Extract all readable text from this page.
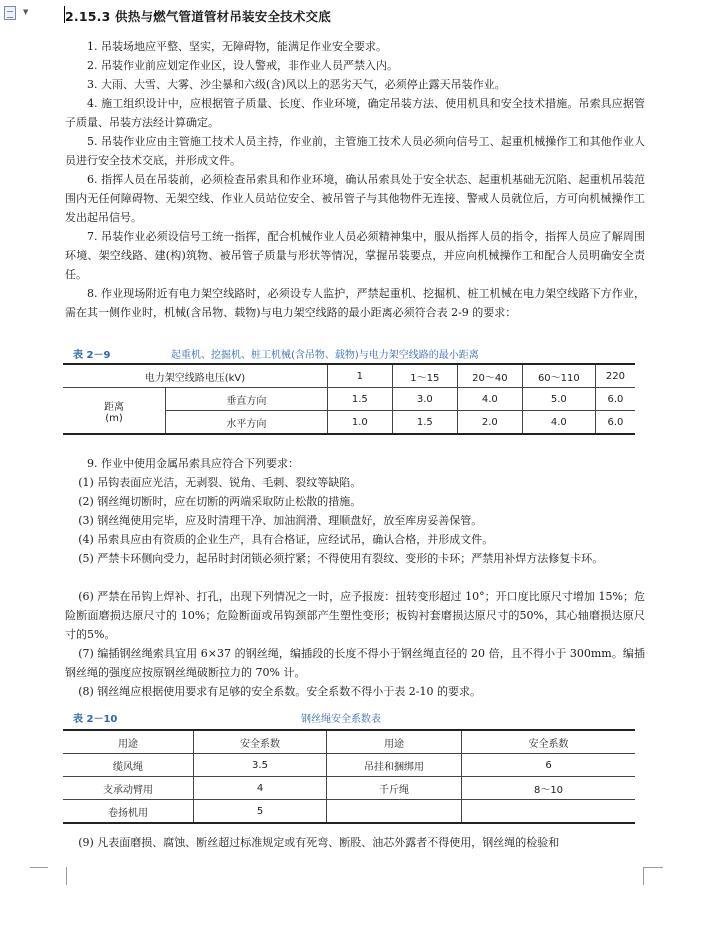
▼	2.15.3 供热与燃气管道管材吊装安全技术交底
1. 吊装场地应平整、坚实，无障碍物，能满足作业安全要求。
2. 吊装作业前应划定作业区，设人警戒，非作业人员严禁入内。
3. 大雨、大雪、大雾、沙尘暴和六级(含)风以上的恶劣天气，必须停止露天吊装作业。
4. 施工组织设计中，应根据管子质量、长度、作业环境，确定吊装方法、使用机具和安全技术措施。吊索具应据管子质量、吊装方法经计算确定。
5. 吊装作业应由主管施工技术人员主持，作业前，主管施工技术人员必须向信号工、起重机械操作工和其他作业人员进行安全技术交底，并形成文件。
6. 指挥人员在吊装前，必须检查吊索具和作业环境，确认吊索具处于安全状态、起重机基础无沉陷、起重机吊装范围内无任何障碍物、无架空线、作业人员站位安全、被吊管子与其他物件无连接、警戒人员就位后，方可向机械操作工发出起吊信号。
7. 吊装作业必须设信号工统一指挥，配合机械作业人员必须精神集中，服从指挥人员的指令，指挥人员应了解周围环境、架空线路、建(构)筑物、被吊管子质量与形状等情况，掌握吊装要点，并应向机械操作工和配合人员明确安全责任。
8. 作业现场附近有电力架空线路时，必须设专人监护，严禁起重机、挖掘机、桩工机械在电力架空线路下方作业，需在其一侧作业时，机械(含吊物、载物)与电力架空线路的最小距离必须符合表 2-9 的要求：
表 2－9	起重机、挖掘机、桩工机械(含吊物、载物)与电力架空线路的最小距离
电力架空线路电压(kV)		1	1～15	20～40	60～110	220

距离
(m)	垂直方向	1.5	3.0	4.0	5.0	6.0
	水平方向	1.0	1.5	2.0	4.0	6.0
9. 作业中使用金属吊索具应符合下列要求：
(1) 吊钩表面应光洁，无剥裂、锐角、毛刺、裂纹等缺陷。
(2) 钢丝绳切断时，应在切断的两端采取防止松散的措施。
(3) 钢丝绳使用完毕，应及时清理干净、加油润滑、理顺盘好，放至库房妥善保管。
(4) 吊索具应由有资质的企业生产，具有合格证，应经试吊，确认合格，并形成文件。
(5) 严禁卡环侧向受力，起吊时封闭锁必须拧紧；不得使用有裂纹、变形的卡环；严禁用补焊方法修复卡环。
(6) 严禁在吊钩上焊补、打孔，出现下列情况之一时，应予报废：扭转变形超过 10°；开口度比原尺寸增加 15%；危险断面磨损达原尺寸的 10%；危险断面或吊钩颈部产生塑性变形；板钩衬套磨损达原尺寸的50%，其心轴磨损达原尺寸的5%。
(7) 编插钢丝绳索具宜用 6×37 的钢丝绳，编插段的长度不得小于钢丝绳直径的 20 倍，且不得小于 300mm。编插钢丝绳的强度应按原钢丝绳破断拉力的 70% 计。
(8) 钢丝绳应根据使用要求有足够的安全系数。安全系数不得小于表 2-10 的要求。
表 2－10	钢丝绳安全系数表
用途	安全系数	用途	安全系数
缆风绳	3.5	吊挂和捆绑用	6
支承动臂用	4	千斤绳	8～10
卷扬机用	5		
(9) 凡表面磨损、腐蚀、断丝超过标准规定或有死弯、断股、油芯外露者不得使用，钢丝绳的检验和
